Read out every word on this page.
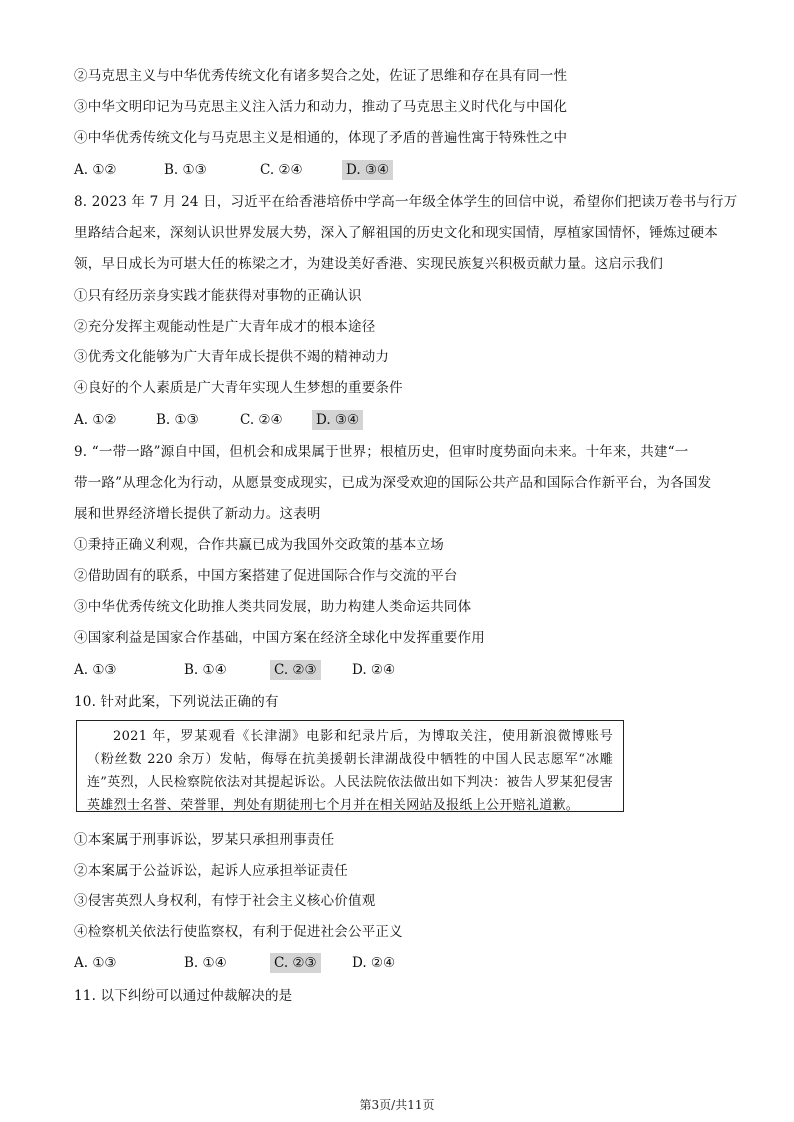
②马克思主义与中华优秀传统文化有诸多契合之处，佐证了思维和存在具有同一性
③中华文明印记为马克思主义注入活力和动力，推动了马克思主义时代化与中国化
④中华优秀传统文化与马克思主义是相通的，体现了矛盾的普遍性寓于特殊性之中
A. ①②	B. ①③	C. ②④	D. ③④
8. 2023 年 7 月 24 日，习近平在给香港培侨中学高一年级全体学生的回信中说，希望你们把读万卷书与行万
里路结合起来，深刻认识世界发展大势，深入了解祖国的历史文化和现实国情，厚植家国情怀，锤炼过硬本
领，早日成长为可堪大任的栋梁之才，为建设美好香港、实现民族复兴积极贡献力量。这启示我们
①只有经历亲身实践才能获得对事物的正确认识
②充分发挥主观能动性是广大青年成才的根本途径
③优秀文化能够为广大青年成长提供不竭的精神动力
④良好的个人素质是广大青年实现人生梦想的重要条件
A. ①②	B. ①③	C. ②④ D. ③④
9. “一带一路”源自中国，但机会和成果属于世界；根植历史，但审时度势面向未来。十年来，共建“一
带一路”从理念化为行动，从愿景变成现实，已成为深受欢迎的国际公共产品和国际合作新平台，为各国发
展和世界经济增长提供了新动力。这表明
①秉持正确义利观，合作共赢已成为我国外交政策的基本立场
②借助固有的联系，中国方案搭建了促进国际合作与交流的平台
③中华优秀传统文化助推人类共同发展，助力构建人类命运共同体
④国家利益是国家合作基础，中国方案在经济全球化中发挥重要作用
A. ①③	B. ①④	C. ②③	D. ②④
10. 针对此案，下列说法正确的有

2021 年，罗某观看《长津湖》电影和纪录片后，为博取关注，使用新浪微博账号（粉丝数 220 余万）发帖，侮辱在抗美援朝长津湖战役中牺牲的中国人民志愿军“冰雕连”英烈，人民检察院依法对其提起诉讼。人民法院依法做出如下判决：被告人罗某犯侵害英雄烈士名誉、荣誉罪，判处有期徒刑七个月并在相关网站及报纸上公开赔礼道歉。

①本案属于刑事诉讼，罗某只承担刑事责任
②本案属于公益诉讼，起诉人应承担举证责任
③侵害英烈人身权利，有悖于社会主义核心价值观
④检察机关依法行使监察权，有利于促进社会公平正义
A. ①③	B. ①④	C. ②③	D. ②④
11. 以下纠纷可以通过仲裁解决的是
第3页/共11页
